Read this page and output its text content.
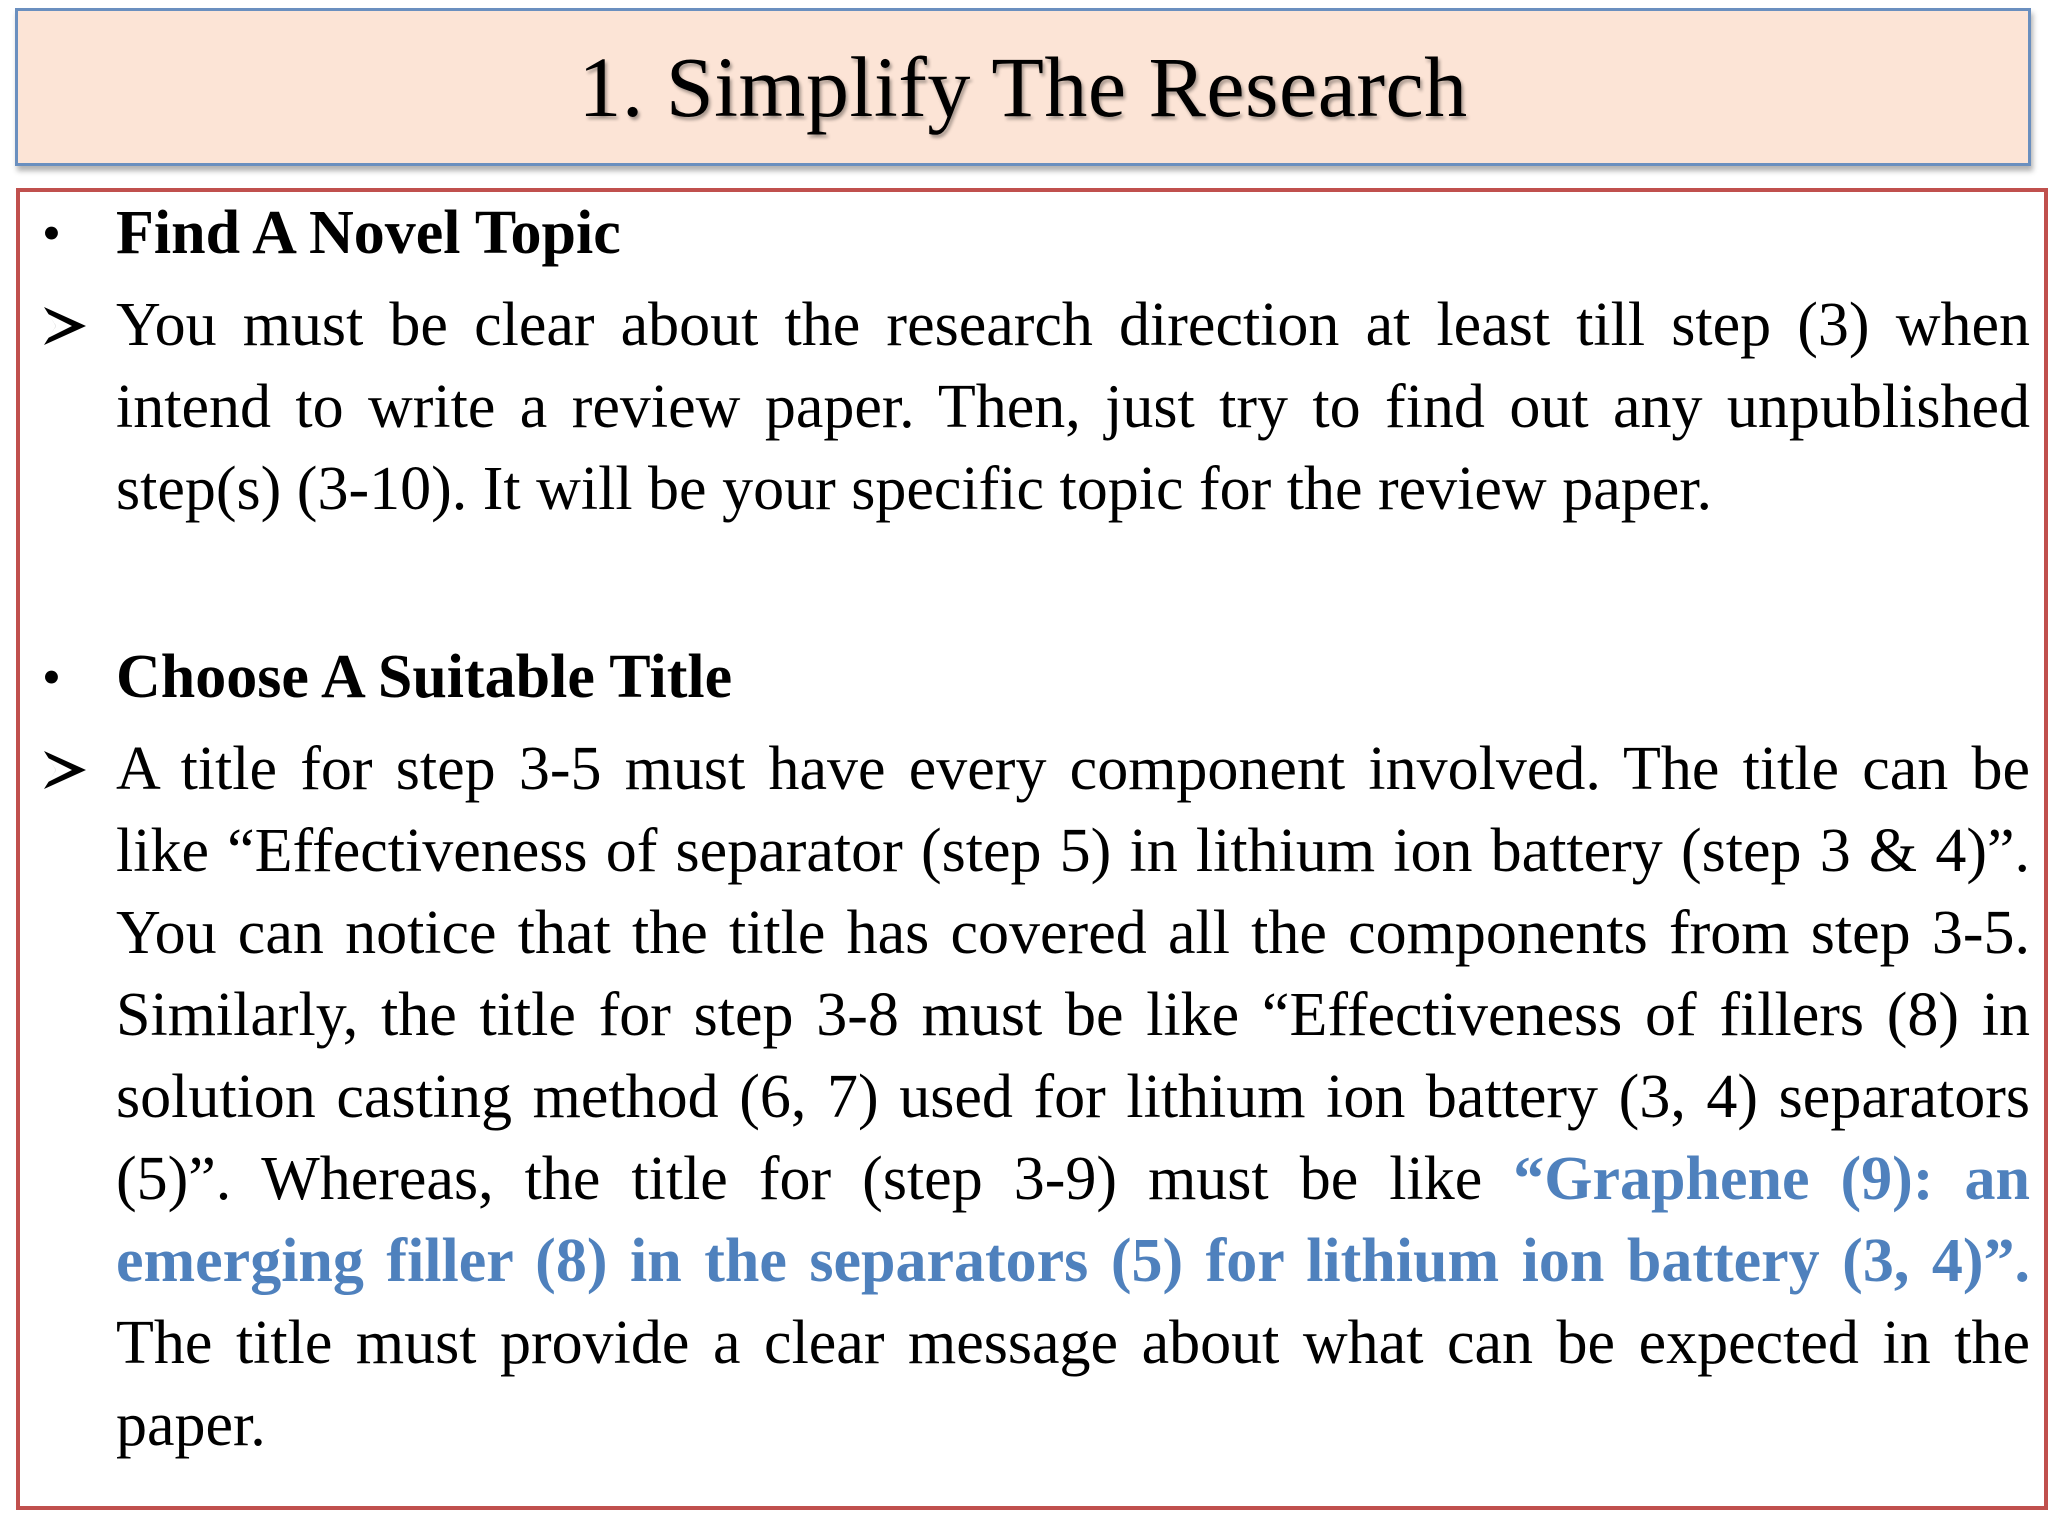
1. Simplify The Research
• Find A Novel Topic
You must be clear about the research direction at least till step (3) when intend to write a review paper. Then, just try to find out any unpublished step(s) (3-10). It will be your specific topic for the review paper.
• Choose A Suitable Title
A title for step 3-5 must have every component involved. The title can be like “Effectiveness of separator (step 5) in lithium ion battery (step 3 & 4)”. You can notice that the title has covered all the components from step 3-5. Similarly, the title for step 3-8 must be like “Effectiveness of fillers (8) in solution casting method (6, 7) used for lithium ion battery (3, 4) separators (5)”. Whereas, the title for (step 3-9) must be like “Graphene (9): an emerging filler (8) in the separators (5) for lithium ion battery (3, 4)”. The title must provide a clear message about what can be expected in the paper.
